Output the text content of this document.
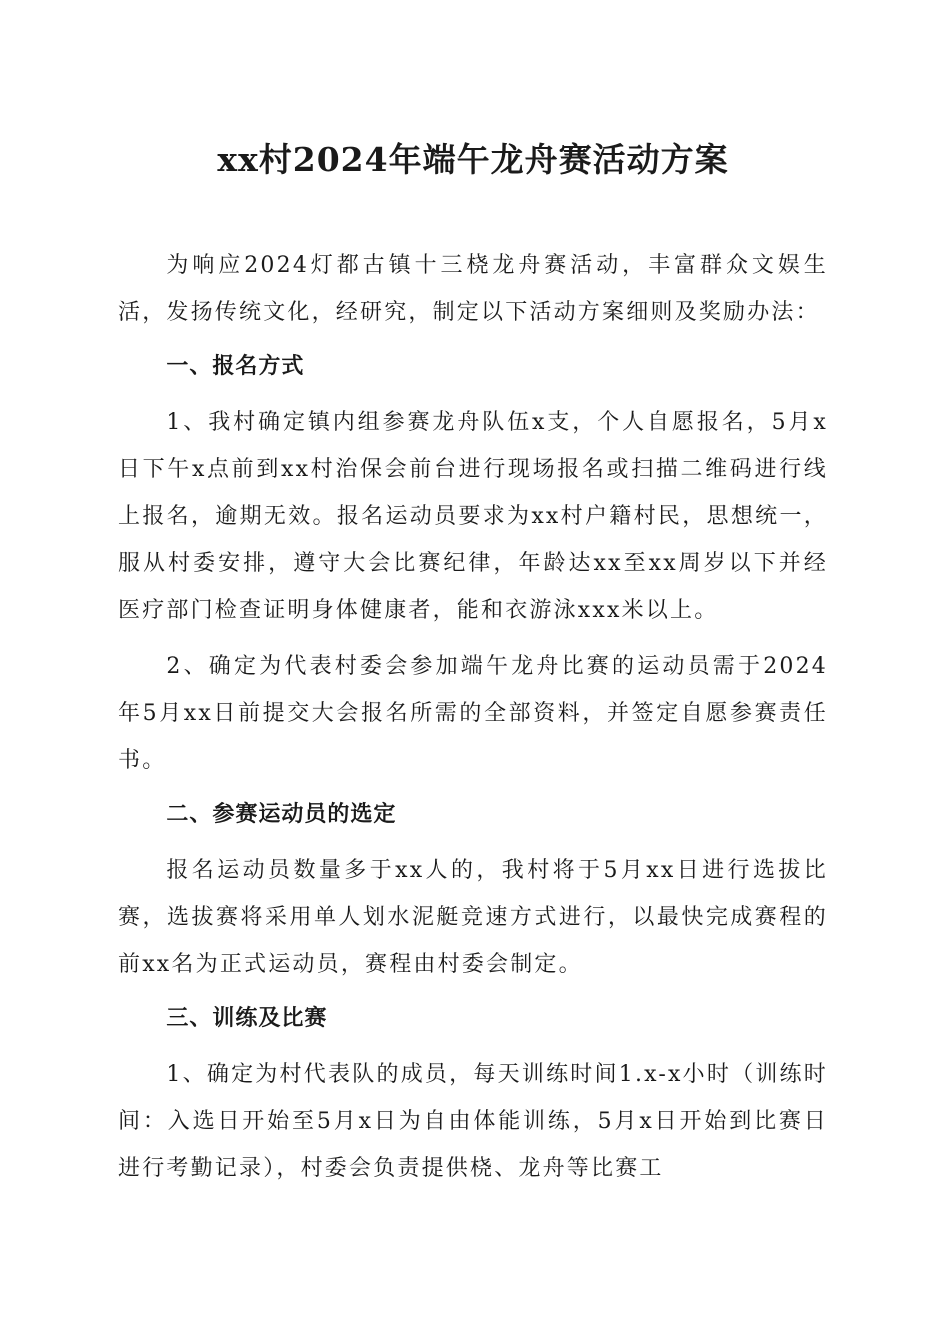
xx村2024年端午龙舟赛活动方案

为响应2024灯都古镇十三桡龙舟赛活动，丰富群众文娱生活，发扬传统文化，经研究，制定以下活动方案细则及奖励办法：

一、报名方式

1、我村确定镇内组参赛龙舟队伍x支，个人自愿报名，5月x日下午x点前到xx村治保会前台进行现场报名或扫描二维码进行线上报名，逾期无效。报名运动员要求为xx村户籍村民，思想统一，服从村委安排，遵守大会比赛纪律，年龄达xx至xx周岁以下并经医疗部门检查证明身体健康者，能和衣游泳xxx米以上。

2、确定为代表村委会参加端午龙舟比赛的运动员需于2024年5月xx日前提交大会报名所需的全部资料，并签定自愿参赛责任书。

二、参赛运动员的选定

报名运动员数量多于xx人的，我村将于5月xx日进行选拔比赛，选拔赛将采用单人划水泥艇竞速方式进行，以最快完成赛程的前xx名为正式运动员，赛程由村委会制定。

三、训练及比赛

1、确定为村代表队的成员，每天训练时间1.x-x小时（训练时间：入选日开始至5月x日为自由体能训练，5月x日开始到比赛日进行考勤记录），村委会负责提供桡、龙舟等比赛工
